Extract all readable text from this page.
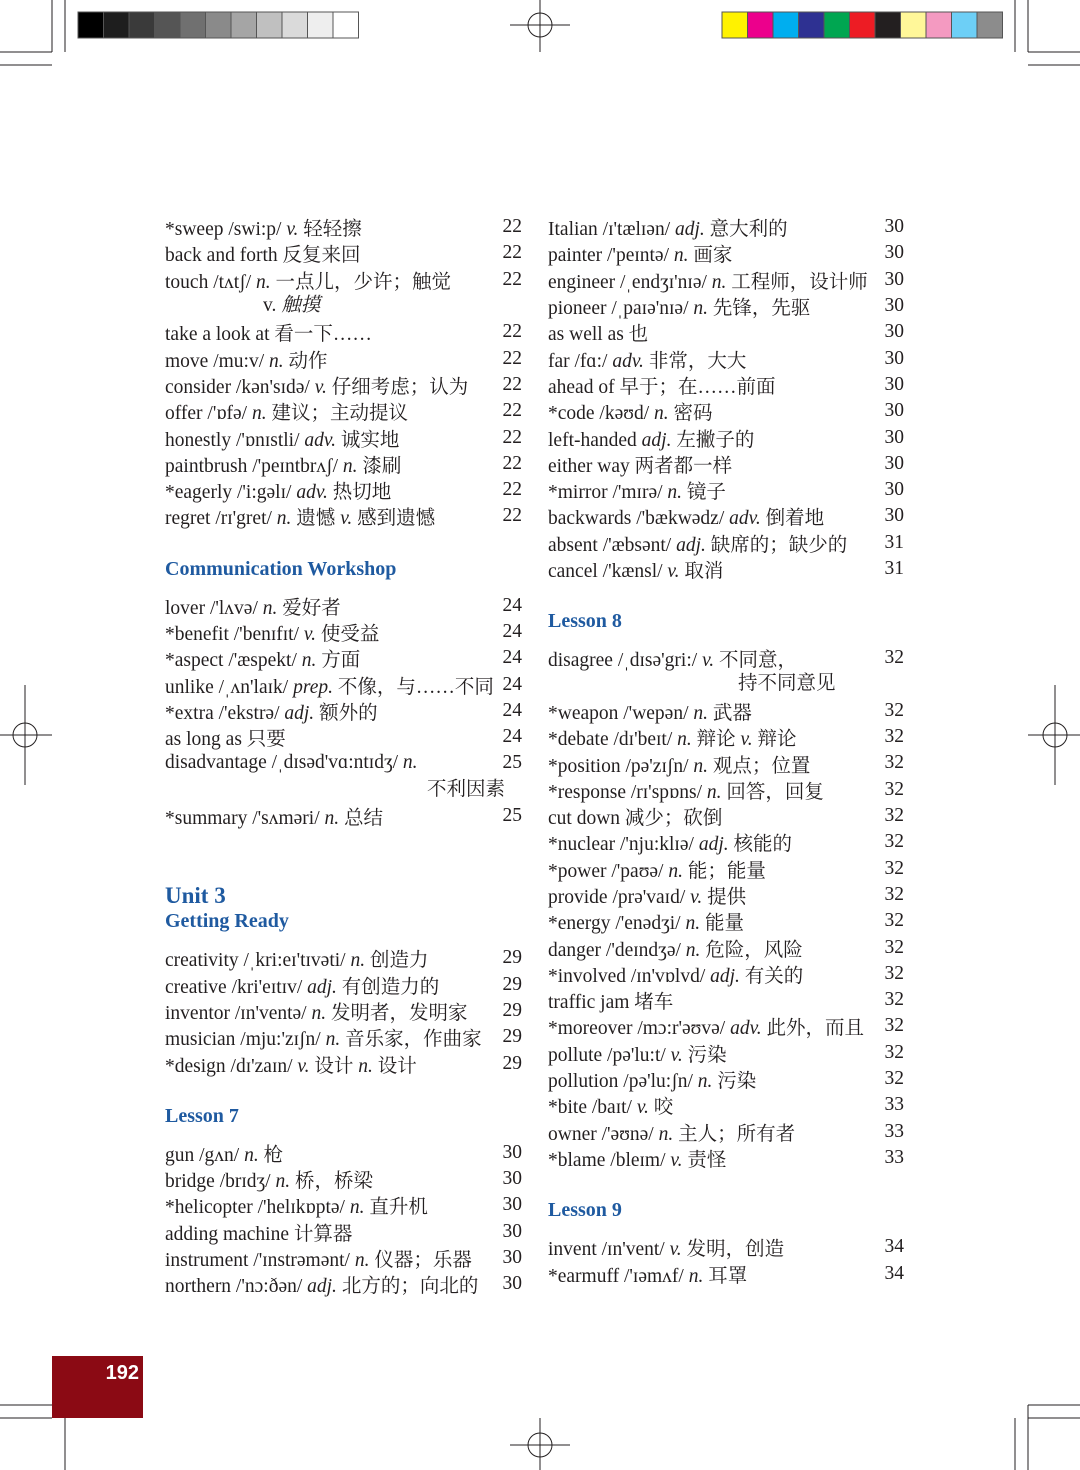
*sweep /swi:p/ v. 轻轻擦	22
back and forth 反复来回	22
touch /tʌtʃ/ n. 一点儿，少许；触觉	22
v. 触摸
take a look at 看一下……	22
move /mu:v/ n. 动作	22
consider /kən'sɪdə/ v. 仔细考虑；认为 22
offer /'ɒfə/ n. 建议；主动提议	22
honestly /'ɒnɪstli/ adv. 诚实地	22
paintbrush /'peɪntbrʌʃ/ n. 漆刷	22
*eagerly /'i:gəlɪ/ adv. 热切地	22
regret /rɪ'gret/ n. 遗憾 v. 感到遗憾	22
Communication Workshop
lover /'lʌvə/ n. 爱好者	24
*benefit /'benɪfɪt/ v. 使受益	24
*aspect /'æspekt/ n. 方面	24
unlike /ˌʌn'laɪk/ prep. 不像，与……不同 24
*extra /'ekstrə/ adj. 额外的	24
as long as 只要	24
disadvantage /ˌdɪsəd'vɑ:ntɪdʒ/ n.	25
不利因素
*summary /'sʌməri/ n. 总结	25
Unit 3
Getting Ready
creativity /ˌkri:eɪ'tɪvəti/ n. 创造力	29
creative /kri'eɪtɪv/ adj. 有创造力的	29
inventor /ɪn'ventə/ n. 发明者，发明家 29
musician /mju:'zɪʃn/ n. 音乐家，作曲家 29
*design /dɪ'zaɪn/ v. 设计 n. 设计	29
Lesson 7
gun /gʌn/ n. 枪	30
bridge /brɪdʒ/ n. 桥，桥梁	30
*helicopter /'helɪkɒptə/ n. 直升机	30
adding machine 计算器	30
instrument /'ɪnstrəmənt/ n. 仪器；乐器 30
northern /'nɔ:ðən/ adj. 北方的；向北的 30
Italian /ɪ'tælɪən/ adj. 意大利的	30
painter /'peɪntə/ n. 画家	30
engineer /ˌendʒɪ'nɪə/ n. 工程师，设计师 30
pioneer /ˌpaɪə'nɪə/ n. 先锋，先驱	30
as well as 也	30
far /fɑ:/ adv. 非常，大大	30
ahead of 早于；在……前面	30
*code /kəʊd/ n. 密码	30
left-handed adj. 左撇子的	30
either way 两者都一样	30
*mirror /'mɪrə/ n. 镜子	30
backwards /'bækwədz/ adv. 倒着地	30
absent /'æbsənt/ adj. 缺席的；缺少的 31
cancel /'kænsl/ v. 取消	31
Lesson 8
disagree /ˌdɪsə'gri:/ v. 不同意，	32
持不同意见
*weapon /'wepən/ n. 武器	32
*debate /dɪ'beɪt/ n. 辩论 v. 辩论	32
*position /pə'zɪʃn/ n. 观点；位置	32
*response /rɪ'spɒns/ n. 回答，回复	32
cut down 减少；砍倒	32
*nuclear /'nju:klɪə/ adj. 核能的	32
*power /'paʊə/ n. 能；能量	32
provide /prə'vaɪd/ v. 提供	32
*energy /'enədʒi/ n. 能量	32
danger /'deɪndʒə/ n. 危险，风险	32
*involved /ɪn'vɒlvd/ adj. 有关的	32
traffic jam 堵车	32
*moreover /mɔ:r'əʊvə/ adv. 此外，而且 32
pollute /pə'lu:t/ v. 污染	32
pollution /pə'lu:ʃn/ n. 污染	32
*bite /baɪt/ v. 咬	33
owner /'əʊnə/ n. 主人；所有者	33
*blame /bleɪm/ v. 责怪	33
Lesson 9
invent /ɪn'vent/ v. 发明，创造	34
*earmuff /'ɪəmʌf/ n. 耳罩	34
192
